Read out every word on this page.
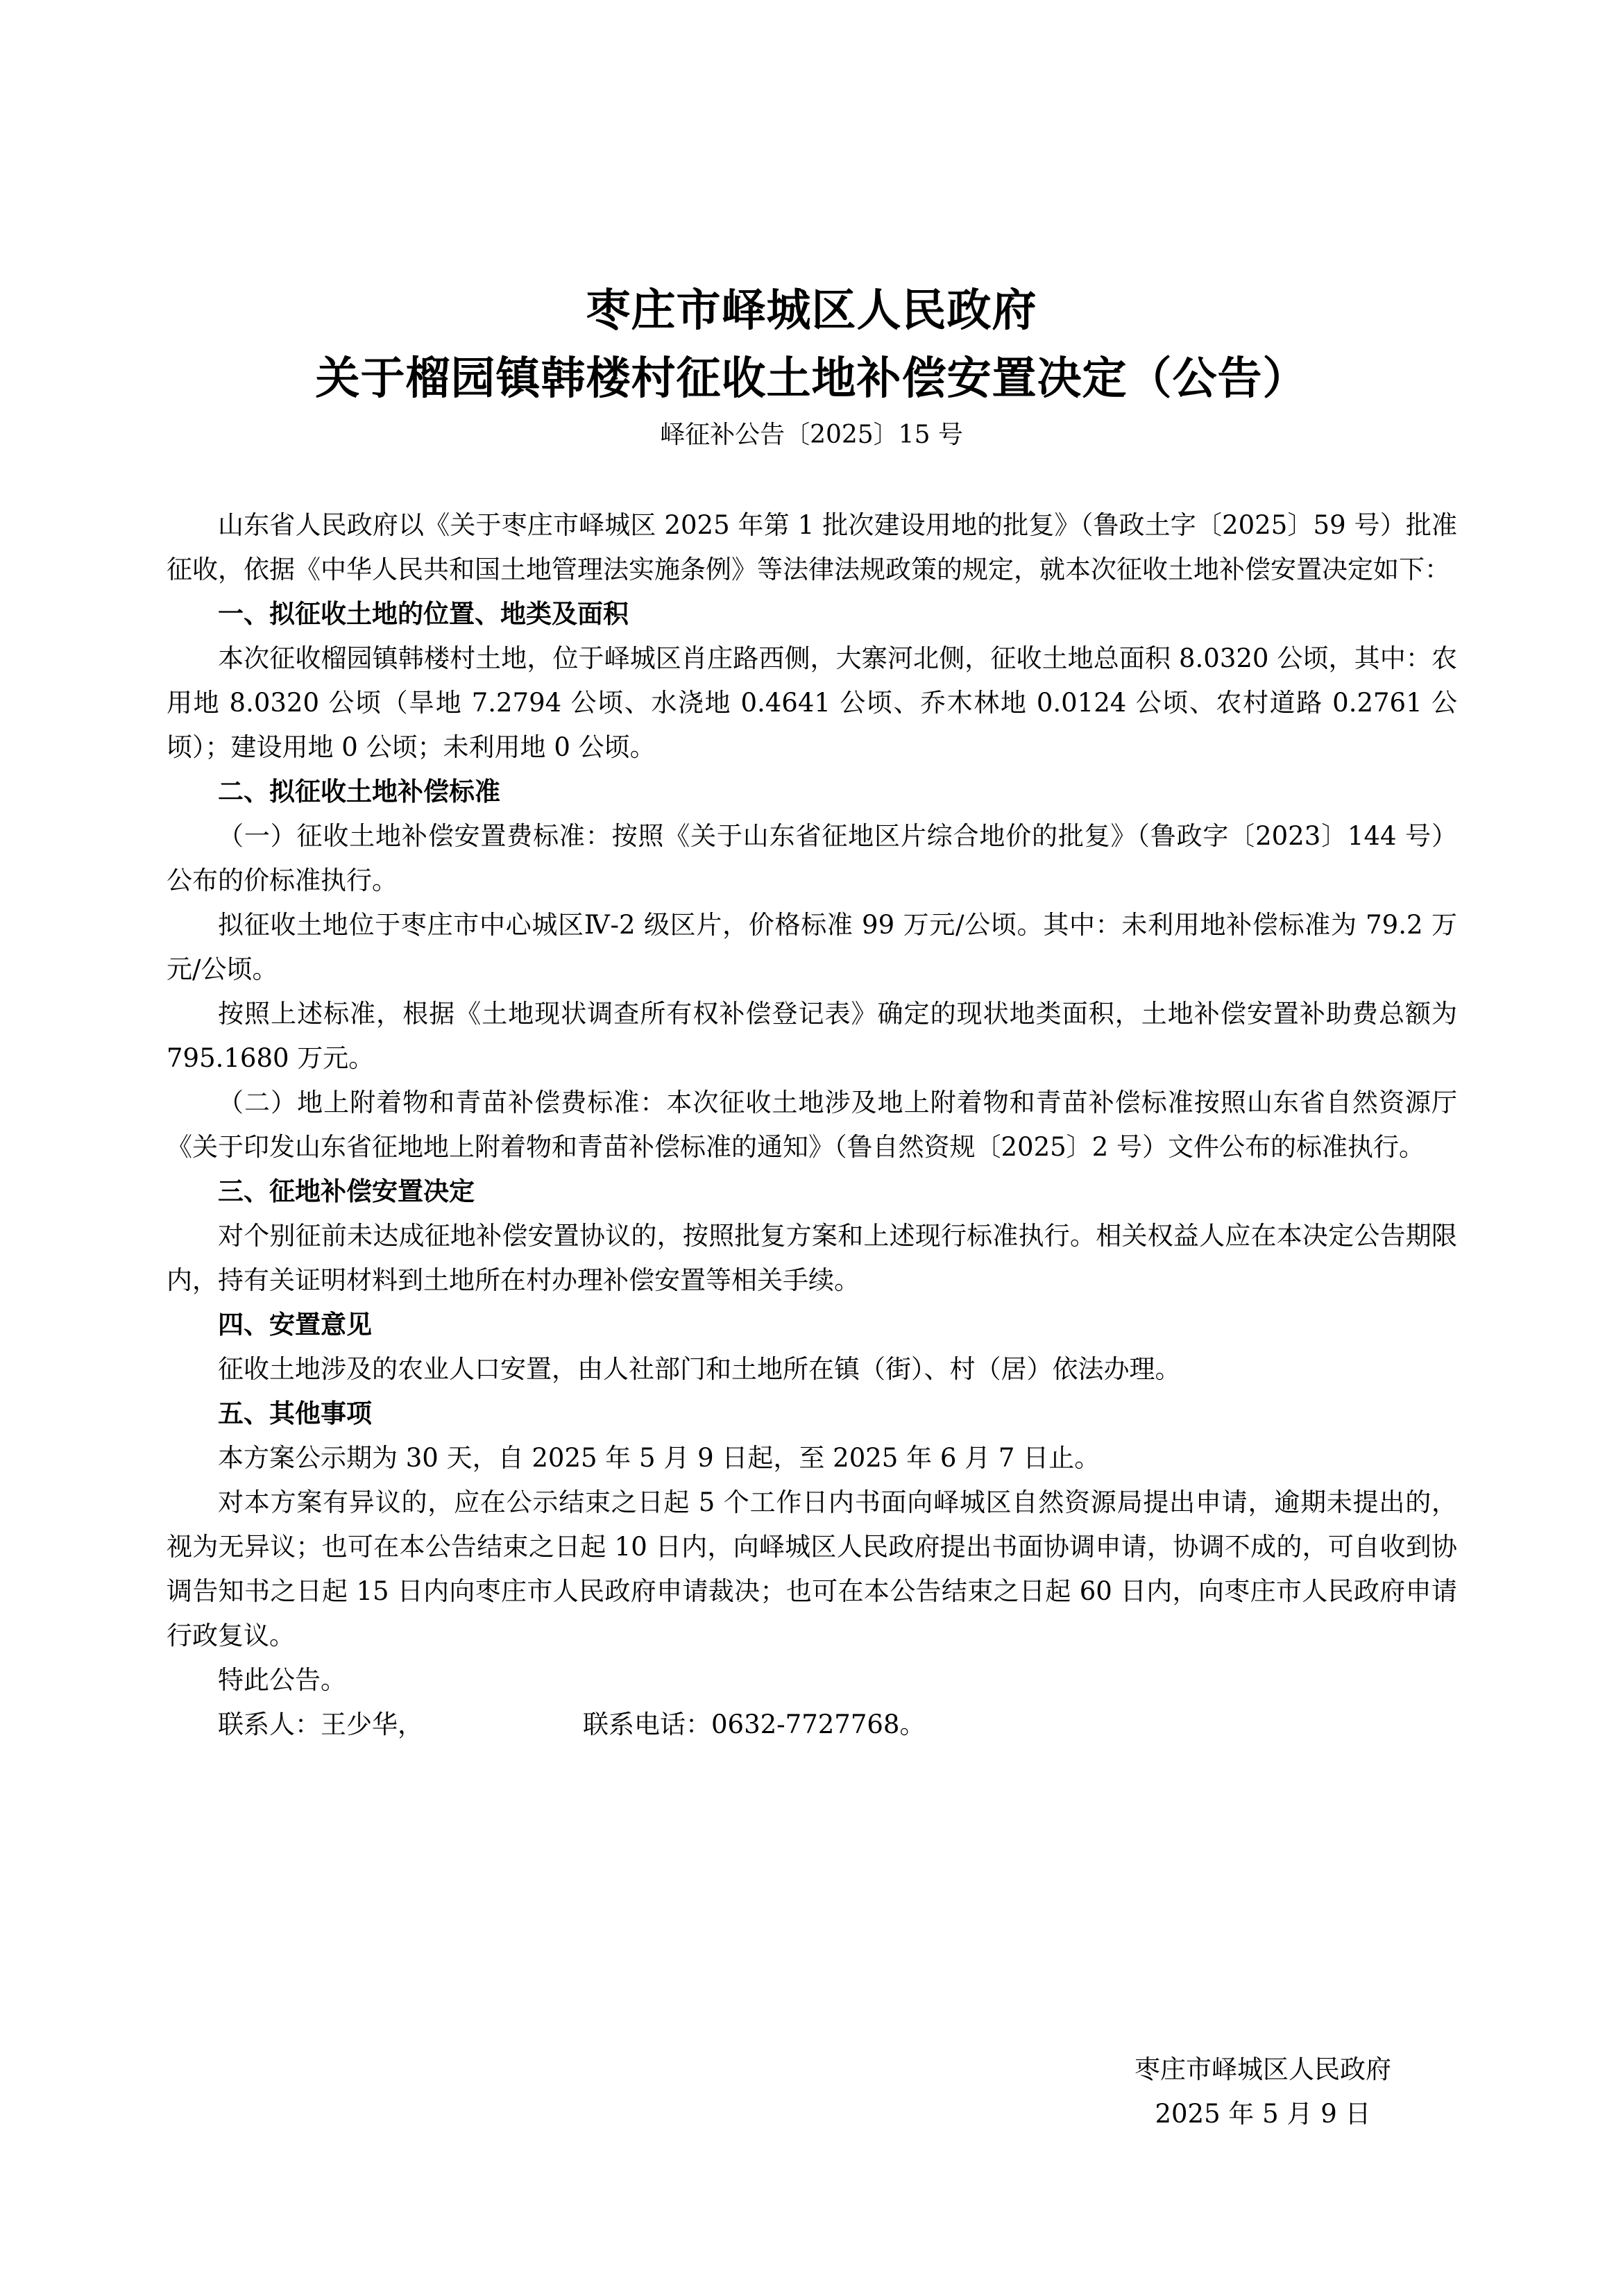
枣庄市峄城区人民政府
关于榴园镇韩楼村征收土地补偿安置决定（公告）
峄征补公告〔2025〕15 号

山东省人民政府以《关于枣庄市峄城区 2025 年第 1 批次建设用地的批复》（鲁政土字〔2025〕59 号）批准征收，依据《中华人民共和国土地管理法实施条例》等法律法规政策的规定，就本次征收土地补偿安置决定如下：

一、拟征收土地的位置、地类及面积

本次征收榴园镇韩楼村土地，位于峄城区肖庄路西侧，大寨河北侧，征收土地总面积 8.0320 公顷，其中：农用地 8.0320 公顷（旱地 7.2794 公顷、水浇地 0.4641 公顷、乔木林地 0.0124 公顷、农村道路 0.2761 公顷）；建设用地 0 公顷；未利用地 0 公顷。

二、拟征收土地补偿标准

（一）征收土地补偿安置费标准：按照《关于山东省征地区片综合地价的批复》（鲁政字〔2023〕144 号）公布的价标准执行。

拟征收土地位于枣庄市中心城区Ⅳ-2 级区片，价格标准 99 万元/公顷。其中：未利用地补偿标准为 79.2 万元/公顷。

按照上述标准，根据《土地现状调查所有权补偿登记表》确定的现状地类面积，土地补偿安置补助费总额为 795.1680 万元。

（二）地上附着物和青苗补偿费标准：本次征收土地涉及地上附着物和青苗补偿标准按照山东省自然资源厅《关于印发山东省征地地上附着物和青苗补偿标准的通知》（鲁自然资规〔2025〕2 号）文件公布的标准执行。

三、征地补偿安置决定

对个别征前未达成征地补偿安置协议的，按照批复方案和上述现行标准执行。相关权益人应在本决定公告期限内，持有关证明材料到土地所在村办理补偿安置等相关手续。

四、安置意见

征收土地涉及的农业人口安置，由人社部门和土地所在镇（街）、村（居）依法办理。

五、其他事项

本方案公示期为 30 天，自 2025 年 5 月 9 日起，至 2025 年 6 月 7 日止。

对本方案有异议的，应在公示结束之日起 5 个工作日内书面向峄城区自然资源局提出申请，逾期未提出的，视为无异议；也可在本公告结束之日起 10 日内，向峄城区人民政府提出书面协调申请，协调不成的，可自收到协调告知书之日起 15 日内向枣庄市人民政府申请裁决；也可在本公告结束之日起 60 日内，向枣庄市人民政府申请行政复议。

特此公告。

联系人：王少华，	联系电话：0632-7727768。

枣庄市峄城区人民政府
2025 年 5 月 9 日
